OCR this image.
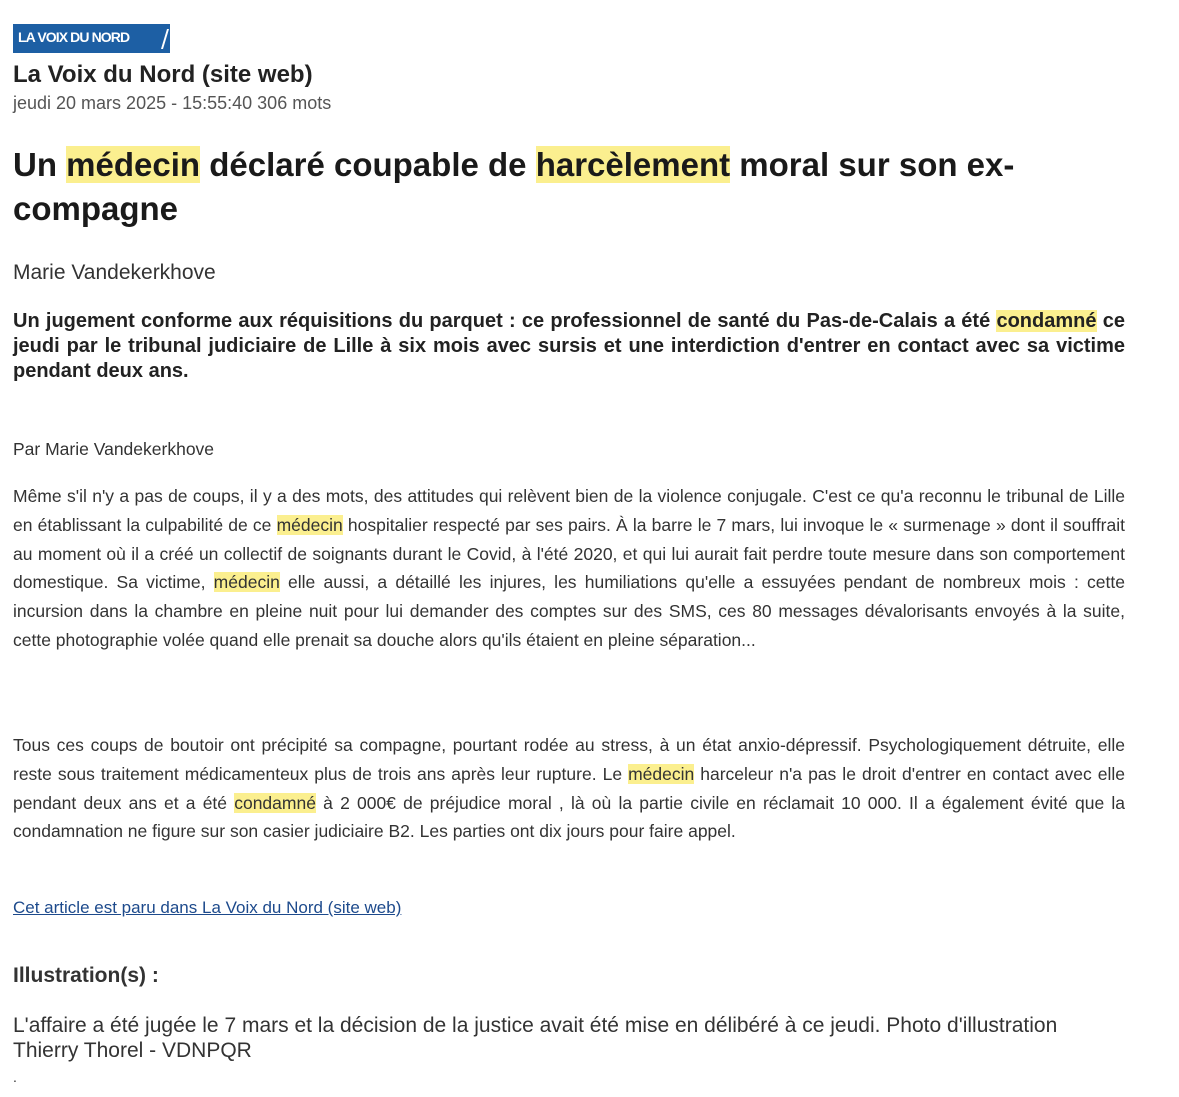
LA VOIX DU NORD
La Voix du Nord (site web)
jeudi 20 mars 2025 - 15:55:40 306 mots
Un médecin déclaré coupable de harcèlement moral sur son ex-compagne
Marie Vandekerkhove

Un jugement conforme aux réquisitions du parquet : ce professionnel de santé du Pas-de-Calais a été condamné ce jeudi par le tribunal judiciaire de Lille à six mois avec sursis et une interdiction d'entrer en contact avec sa victime pendant deux ans.

Par Marie Vandekerkhove

Même s'il n'y a pas de coups, il y a des mots, des attitudes qui relèvent bien de la violence conjugale. C'est ce qu'a reconnu le tribunal de Lille en établissant la culpabilité de ce médecin hospitalier respecté par ses pairs. À la barre le 7 mars, lui invoque le « surmenage » dont il souffrait au moment où il a créé un collectif de soignants durant le Covid, à l'été 2020, et qui lui aurait fait perdre toute mesure dans son comportement domestique. Sa victime, médecin elle aussi, a détaillé les injures, les humiliations qu'elle a essuyées pendant de nombreux mois : cette incursion dans la chambre en pleine nuit pour lui demander des comptes sur des SMS, ces 80 messages dévalorisants envoyés à la suite, cette photographie volée quand elle prenait sa douche alors qu'ils étaient en pleine séparation...

Tous ces coups de boutoir ont précipité sa compagne, pourtant rodée au stress, à un état anxio-dépressif. Psychologiquement détruite, elle reste sous traitement médicamenteux plus de trois ans après leur rupture. Le médecin harceleur n'a pas le droit d'entrer en contact avec elle pendant deux ans et a été condamné à 2 000€ de préjudice moral , là où la partie civile en réclamait 10 000. Il a également évité que la condamnation ne figure sur son casier judiciaire B2. Les parties ont dix jours pour faire appel.

Cet article est paru dans La Voix du Nord (site web)
Illustration(s) :

L'affaire a été jugée le 7 mars et la décision de la justice avait été mise en délibéré à ce jeudi. Photo d'illustration Thierry Thorel - VDNPQR

.
